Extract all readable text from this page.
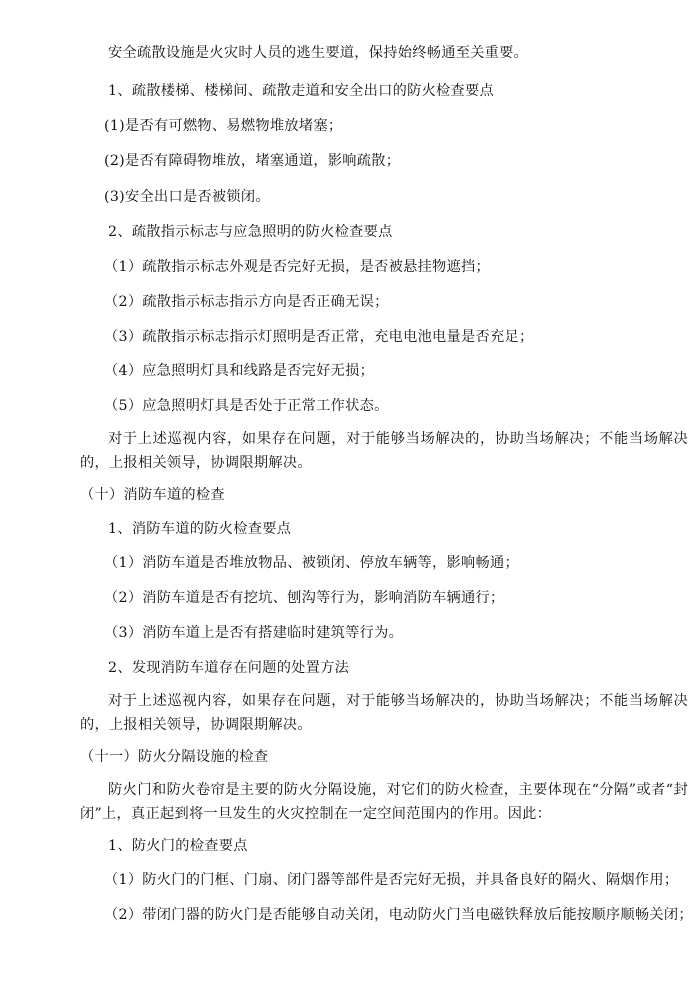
安全疏散设施是火灾时人员的逃生要道，保持始终畅通至关重要。
1、疏散楼梯、楼梯间、疏散走道和安全出口的防火检查要点
(1)是否有可燃物、易燃物堆放堵塞；
(2)是否有障碍物堆放，堵塞通道，影响疏散；
(3)安全出口是否被锁闭。
2、疏散指示标志与应急照明的防火检查要点
（1）疏散指示标志外观是否完好无损，是否被悬挂物遮挡；
（2）疏散指示标志指示方向是否正确无误；
（3）疏散指示标志指示灯照明是否正常，充电电池电量是否充足；
（4）应急照明灯具和线路是否完好无损；
（5）应急照明灯具是否处于正常工作状态。
对于上述巡视内容，如果存在问题，对于能够当场解决的，协助当场解决；不能当场解决的，上报相关领导，协调限期解决。
（十）消防车道的检查
1、消防车道的防火检查要点
（1）消防车道是否堆放物品、被锁闭、停放车辆等，影响畅通；
（2）消防车道是否有挖坑、刨沟等行为，影响消防车辆通行；
（3）消防车道上是否有搭建临时建筑等行为。
2、发现消防车道存在问题的处置方法
对于上述巡视内容，如果存在问题，对于能够当场解决的，协助当场解决；不能当场解决的，上报相关领导，协调限期解决。
（十一）防火分隔设施的检查
防火门和防火卷帘是主要的防火分隔设施，对它们的防火检查，主要体现在“分隔”或者“封闭”上，真正起到将一旦发生的火灾控制在一定空间范围内的作用。因此：
1、防火门的检查要点
（1）防火门的门框、门扇、闭门器等部件是否完好无损，并具备良好的隔火、隔烟作用；
（2）带闭门器的防火门是否能够自动关闭，电动防火门当电磁铁释放后能按顺序顺畅关闭；
